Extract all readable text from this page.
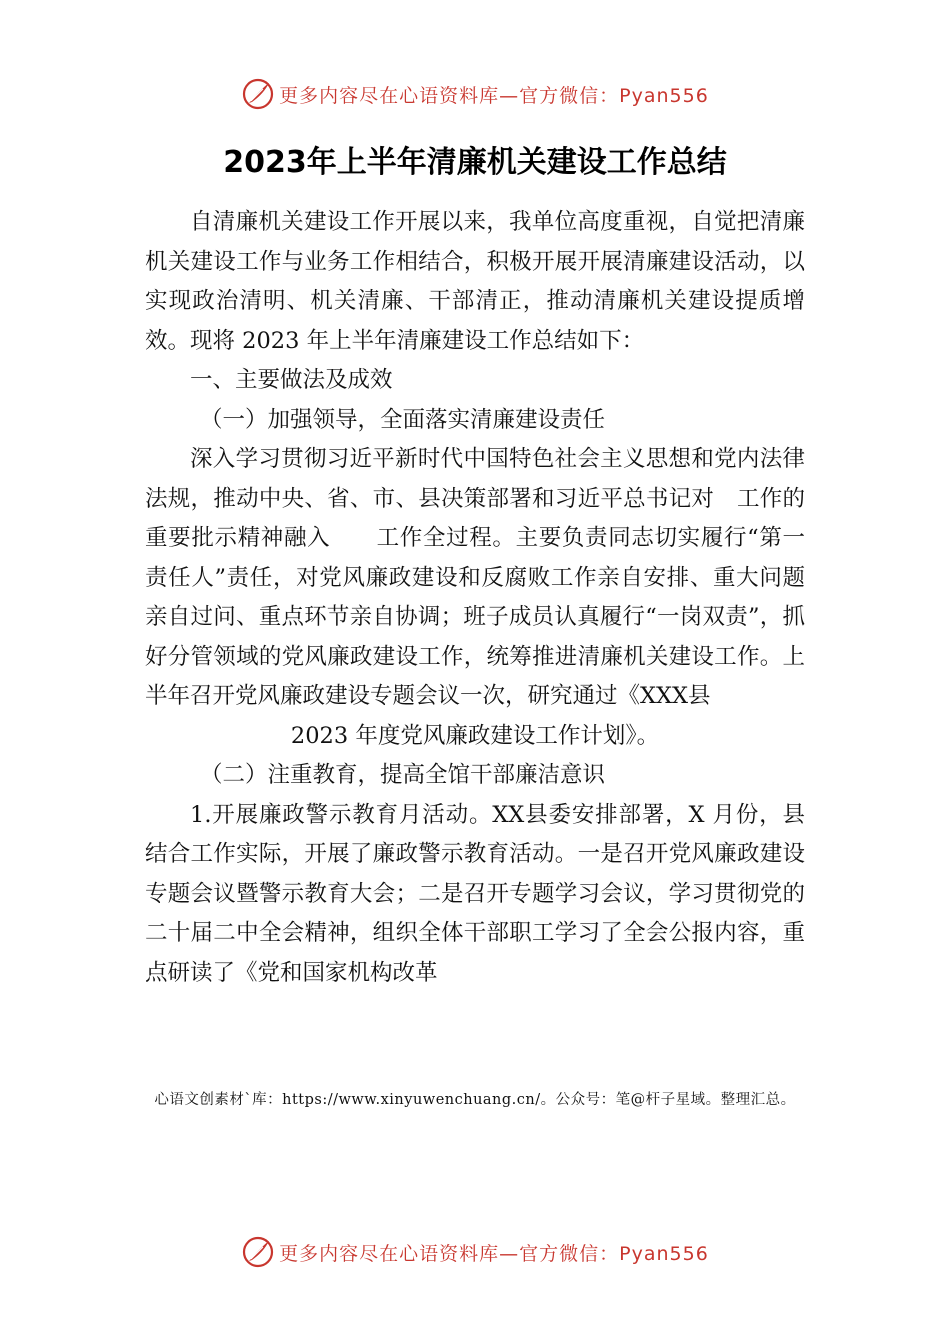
更多内容尽在心语资料库—官方微信：Pyan556
2023年上半年清廉机关建设工作总结

自清廉机关建设工作开展以来，我单位高度重视，自觉把清廉机关建设工作与业务工作相结合，积极开展开展清廉建设活动，以实现政治清明、机关清廉、干部清正，推动清廉机关建设提质增效。现将 2023 年上半年清廉建设工作总结如下：

一、主要做法及成效

（一）加强领导，全面落实清廉建设责任

深入学习贯彻习近平新时代中国特色社会主义思想和党内法律法规，推动中央、省、市、县决策部署和习近平总书记对　工作的重要批示精神融入　　工作全过程。主要负责同志切实履行“第一责任人”责任，对党风廉政建设和反腐败工作亲自安排、重大问题亲自过问、重点环节亲自协调；班子成员认真履行“一岗双责”，抓好分管领域的党风廉政建设工作，统筹推进清廉机关建设工作。上半年召开党风廉政建设专题会议一次，研究通过《XXX县

2023 年度党风廉政建设工作计划》。

（二）注重教育，提高全馆干部廉洁意识

1.开展廉政警示教育月活动。XX县委安排部署，X 月份，县 结合工作实际，开展了廉政警示教育活动。一是召开党风廉政建设专题会议暨警示教育大会；二是召开专题学习会议，学习贯彻党的二十届二中全会精神，组织全体干部职工学习了全会公报内容，重点研读了《党和国家机构改革

心语文创素材`库：https://www.xinyuwenchuang.cn/。公众号：笔@杆子星域。整理汇总。
更多内容尽在心语资料库—官方微信：Pyan556
